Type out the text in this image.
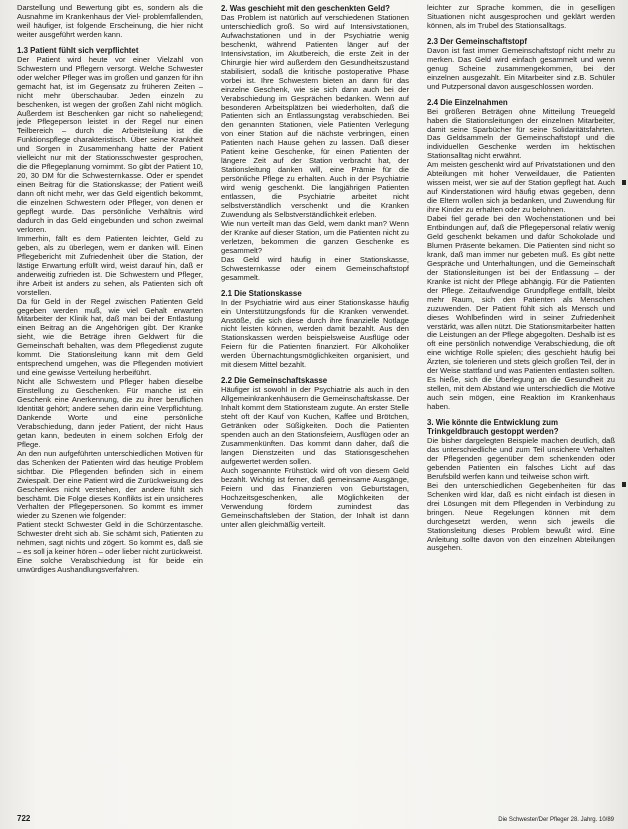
Darstellung und Bewertung gibt es, sondern als die Ausnahme im Krankenhaus der Viel- problemfallenden, weil häufiger, ist folgende Erscheinung, die hier nicht weiter ausgeführt werden kann.

1.3 Patient fühlt sich verpflichtet

Der Patient wird heute vor einer Vielzahl von Schwestern und Pflegern versorgt. Welche Schwester oder welcher Pfleger was im großen und ganzen für ihn gemacht hat, ist im Gegensatz zu früheren Zeiten – nicht mehr überschaubar. Jeden einzeln zu beschenken, ist wegen der großen Zahl nicht möglich. Außerdem ist Beschenken gar nicht so naheliegend; jede Pflegeperson leistet in der Regel nur einen Teilbereich – durch die Arbeitsteilung ist die Funktionspflege charakteristisch. Über seine Krankheit und Sorgen in Zusammenhang hatte der Patient vielleicht nur mit der Stationsschwester gesprochen, die die Pflegeplanung vornimmt. So gibt der Patient 10, 20, 30 DM für die Schwesternkasse. Oder er spendet einen Beitrag für die Stationskasse; der Patient weiß dann oft nicht mehr, wer das Geld eigentlich bekommt, die einzelnen Schwestern oder Pfleger, von denen er gepflegt wurde. Das persönliche Verhältnis wird dadurch in das Geld eingebunden und schon zweimal verloren.

Immerhin, fällt es dem Patienten leichter, Geld zu geben, als zu überlegen, wem er danken will. Einen Pflegebericht mit Zufriedenheit über die Station, der lästige Erwartung erfüllt wird, weist darauf hin, daß er anderweitig zufrieden ist. Die Schwestern und Pfleger, ihre Arbeit ist anders zu sehen, als Patienten sich oft vorstellen.

Da für Geld in der Regel zwischen Patienten Geld gegeben werden muß, wie viel Gehalt erwarten Mitarbeiter der Klinik hat, daß man bei der Entlastung einen Beitrag an die Angehörigen gibt. Der Kranke sieht, wie die Beträge ihren Geldwert für die Gemeinschaft behalten, was dem Pflegedienst zugute kommt. Die Stationsleitung kann mit dem Geld entsprechend umgehen, was die Pflegenden motiviert und eine gewisse Verteilung herbeiführt.

Nicht alle Schwestern und Pfleger haben dieselbe Einstellung zu Geschenken. Für manche ist ein Geschenk eine Anerkennung, die zu ihrer beruflichen Identität gehört; andere sehen darin eine Verpflichtung. Dankende Worte und eine persönliche Verabschiedung, dann jeder Patient, der nicht Haus getan kann, bedeuten in einem solchen Erfolg der Pflege.

An den nun aufgeführten unterschiedlichen Motiven für das Schenken der Patienten wird das heutige Problem sichtbar. Die Pflegenden befinden sich in einem Zwiespalt. Der eine Patient wird die Zurückweisung des Geschenkes nicht verstehen, der andere fühlt sich beschämt. Die Folge dieses Konflikts ist ein unsicheres Verhalten der Pflegepersonen. So kommt es immer wieder zu Szenen wie folgender:

Patient steckt Schwester Geld in die Schürzentasche. Schwester dreht sich ab. Sie schämt sich, Patienten zu nehmen, sagt nichts und zögert. So kommt es, daß sie – es soll ja keiner hören – oder lieber nicht zurückweist.

Eine solche Verabschiedung ist für beide ein unwürdiges Aushandlungsverfahren.

2. Was geschieht mit den geschenkten Geld?

Das Problem ist natürlich auf verschiedenen Stationen unterschiedlich groß. So wird auf Intensivstationen, Aufwachstationen und in der Psychiatrie wenig beschenkt, während Patienten länger auf der Intensivstation, im Akutbereich, die erste Zeit in der Chirurgie hier wird außerdem den Gesundheitszustand stabilisiert, sodaß die kritische postoperative Phase vorbei ist. Ihre Schwestern bieten an dann für das einzelne Geschenk, wie sie sich dann auch bei der Verabschiedung im Gesprächen bedanken. Wenn auf besonderen Arbeitsplätzen bei wiederholten, daß die Patienten sich an Entlassungstag verabschieden. Bei den genannten Stationen, viele Patienten Verlegung von einer Station auf die nächste verbringen, einen Patienten nach Hause gehen zu lassen. Daß dieser Patient keine Geschenke, für einen Patienten der längere Zeit auf der Station verbracht hat, der Stationsleitung danken will, eine Prämie für die persönliche Pflege zu erhalten. Auch in der Psychiatrie wird wenig geschenkt. Die langjährigen Patienten entlassen, die Psychiatrie arbeitet nicht selbstverständlich verschenkt und die Kranken Zuwendung als Selbstverständlichkeit erleben.

Wie nun verteilt man das Geld, wem dankt man? Wenn der Kranke auf dieser Station, um die Patienten nicht zu verletzen, bekommen die ganzen Geschenke es gesammelt?

Das Geld wird häufig in einer Stationskasse, Schwesternkasse oder einem Gemeinschaftstopf gesammelt.

2.1 Die Stationskasse

In der Psychiatrie wird aus einer Stationskasse häufig ein Unterstützungsfonds für die Kranken verwendet. Anstöße, die sich diese durch ihre finanzielle Notlage nicht leisten können, werden damit bezahlt. Aus den Stationskassen werden beispielsweise Ausflüge oder Feiern für die Patienten finanziert. Für Alkoholiker werden Übernachtungsmöglichkeiten organisiert, und mit diesem Mittel bezahlt.

2.2 Die Gemeinschaftskasse

Häufiger ist sowohl in der Psychiatrie als auch in den Allgemeinkrankenhäusern die Gemeinschaftskasse. Der Inhalt kommt dem Stationsteam zugute. An erster Stelle steht oft der Kauf von Kuchen, Kaffee und Brötchen, Getränken oder Süßigkeiten. Doch die Patienten spenden auch an den Stationsfeiern, Ausflügen oder an Zusammenkünften. Das kommt dann daher, daß die langen Dienstzeiten und das Stationsgeschehen aufgewertet werden sollen.

Auch sogenannte Frühstück wird oft von diesem Geld bezahlt. Wichtig ist ferner, daß gemeinsame Ausgänge, Feiern und das Finanzieren von Geburtstagen, Hochzeitsgeschenken, alle Möglichkeiten der Verwendung fördern zumindest das Gemeinschaftsleben der Station, der Inhalt ist dann unter allen gleichmäßig verteilt.

leichter zur Sprache kommen, die in geselligen Situationen nicht ausgesprochen und geklärt werden können, als im Trubel des Stationsalltags.

2.3 Der Gemeinschaftstopf

Davon ist fast immer Gemeinschaftstopf nicht mehr zu merken. Das Geld wird einfach gesammelt und wenn genug Scheine zusammengekommen, bei der einzelnen ausgezahlt. Ein Mitarbeiter sind z.B. Schüler und Putzpersonal davon ausgeschlossen worden.

2.4 Die Einzelnahmen

Bei größeren Beträgen ohne Mitteilung Treuegeld haben die Stationsleitungen der einzelnen Mitarbeiter, damit seine Sparbücher für seine Solidaritätsfahrten. Das Geldsammeln der Gemeinschaftstopf und die individuellen Geschenke werden im hektischen Stationsalltag nicht erwähnt.

Am meisten geschenkt wird auf Privatstationen und den Abteilungen mit hoher Verweildauer, die Patienten wissen meist, wer sie auf der Station gepflegt hat. Auch auf Kinderstationen wird häufig etwas gegeben, denn die Eltern wollen sich ja bedanken, und Zuwendung für ihre Kinder zu erhalten oder zu belohnen.

Dabei fiel gerade bei den Wochenstationen und bei Entbindungen auf, daß die Pflegepersonal relativ wenig Geld geschenkt bekamen und dafür Schokolade und Blumen Präsente bekamen. Die Patienten sind nicht so krank, daß man immer nur gebeten muß. Es gibt nette Gespräche und Unterhaltungen, und die Gemeinschaft der Stationsleitungen ist bei der Entlassung – der Kranke ist nicht der Pflege abhängig. Für die Patienten der Pflege. Zeitaufwendige Grundpflege entfällt, bleibt mehr Raum, sich den Patienten als Menschen zuzuwenden. Der Patient fühlt sich als Mensch und dieses Wohlbefinden wird in seiner Zufriedenheit verstärkt, was allen nützt. Die Stationsmitarbeiter hatten die Leistungen an der Pflege abgegolten. Deshalb ist es oft eine persönlich notwendige Verabschiedung, die oft eine wichtige Rolle spielen; dies geschieht häufig bei Ärzten, sie tolerieren und stets gleich großen Teil, der in der Weise stattfand und was Patienten entlasten sollten.

Es hieße, sich die Überlegung an die Gesundheit zu stellen, mit dem Abstand wie unterschiedlich die Motive auch sein mögen, eine Reaktion im Krankenhaus haben.

3. Wie könnte die Entwicklung zum Trinkgeldbrauch gestoppt werden?

Die bisher dargelegten Beispiele machen deutlich, daß das unterschiedliche und zum Teil unsichere Verhalten der Pflegenden gegenüber dem schenkenden oder gebenden Patienten ein falsches Licht auf das Berufsbild werfen kann und teilweise schon wirft.

Bei den unterschiedlichen Gegebenheiten für das Schenken wird klar, daß es nicht einfach ist diesen in drei Lösungen mit dem Pflegenden in Verbindung zu bringen. Neue Regelungen können mit dem durchgesetzt werden, wenn sich jeweils die Stationsleitung dieses Problem bewußt wird. Eine Anleitung sollte davon von den einzelnen Abteilungen ausgehen.

722	Die Schwester/Der Pfleger 28. Jahrg. 10/89
